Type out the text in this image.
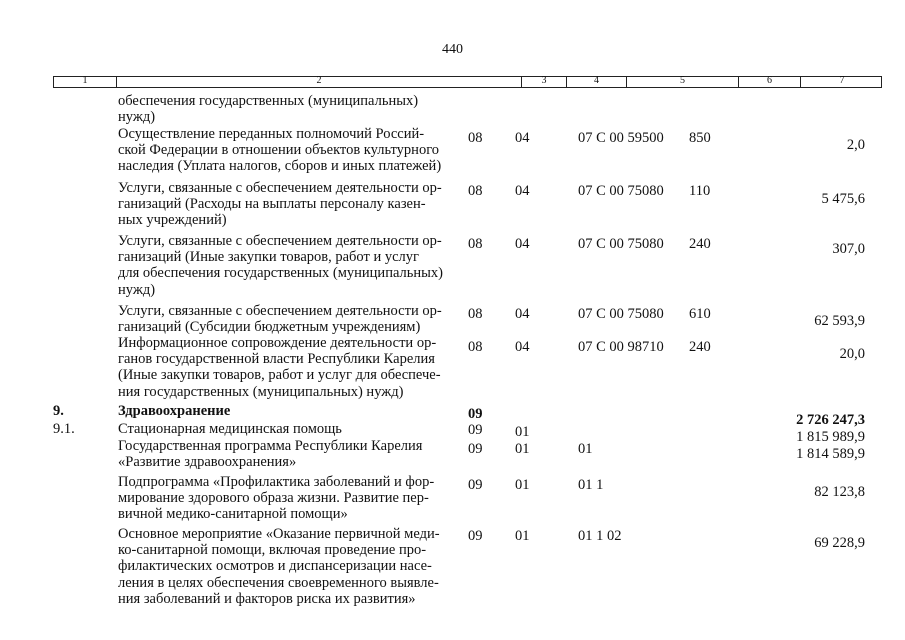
440
1	2	3	4	5	6	7
обеспечения государственных (муниципальных)
нужд)
Осуществление переданных полномочий Россий-
ской Федерации в отношении объектов культурного
наследия (Уплата налогов, сборов и иных платежей)
08 04	07 С 00 59500 850	2,0
Услуги, связанные с обеспечением деятельности ор-
ганизаций (Расходы на выплаты персоналу казен-
ных учреждений)
08 04	07 С 00 75080 110	5 475,6
Услуги, связанные с обеспечением деятельности ор-
ганизаций (Иные закупки товаров, работ и услуг
для обеспечения государственных (муниципальных)
нужд)
08 04	07 С 00 75080 240	307,0
Услуги, связанные с обеспечением деятельности ор-
ганизаций (Субсидии бюджетным учреждениям)
08 04	07 С 00 75080 610	62 593,9
Информационное сопровождение деятельности ор-
ганов государственной власти Республики Карелия
(Иные закупки товаров, работ и услуг для обеспече-
ния государственных (муниципальных) нужд)
08 04	07 С 00 98710 240	20,0
9.	Здравоохранение	09	2 726 247,3
9.1.	Стационарная медицинская помощь	09 01	1 815 989,9
Государственная программа Республики Карелия
«Развитие здравоохранения»
09 01	01	1 814 589,9
Подпрограмма «Профилактика заболеваний и фор-
мирование здорового образа жизни. Развитие пер-
вичной медико-санитарной помощи»
09 01	01 1	82 123,8
Основное мероприятие «Оказание первичной меди-
ко-санитарной помощи, включая проведение про-
филактических осмотров и диспансеризации насе-
ления в целях обеспечения своевременного выявле-
ния заболеваний и факторов риска их развития»
09 01	01 1 02	69 228,9
